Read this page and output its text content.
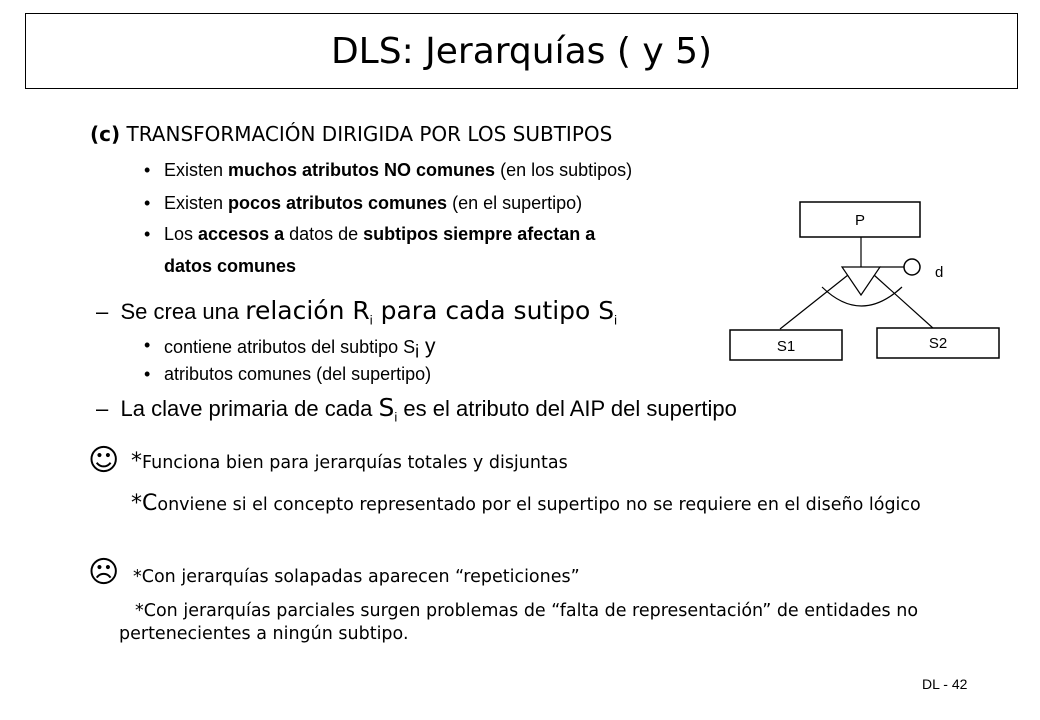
DLS: Jerarquías ( y 5)
(c) TRANSFORMACIÓN DIRIGIDA POR LOS SUBTIPOS
• Existen muchos atributos NO comunes (en los subtipos)
• Existen pocos atributos comunes (en el supertipo)
• Los accesos a datos de subtipos siempre afectan a
datos comunes
– Se crea una relación $R_i$ para cada sutipo $S_i$
• contiene atributos del subtipo $S_i$ y
• atributos comunes (del supertipo)
– La clave primaria de cada $S_i$ es el atributo del AIP del supertipo
☺ *Funciona bien para jerarquías totales y disjuntas
*Conviene si el concepto representado por el supertipo no se requiere en el diseño lógico
☹ *Con jerarquías solapadas aparecen “repeticiones”
*Con jerarquías parciales surgen problemas de “falta de representación” de entidades no pertenecientes a ningún subtipo.
P
d
S1	S2
DL - 42
